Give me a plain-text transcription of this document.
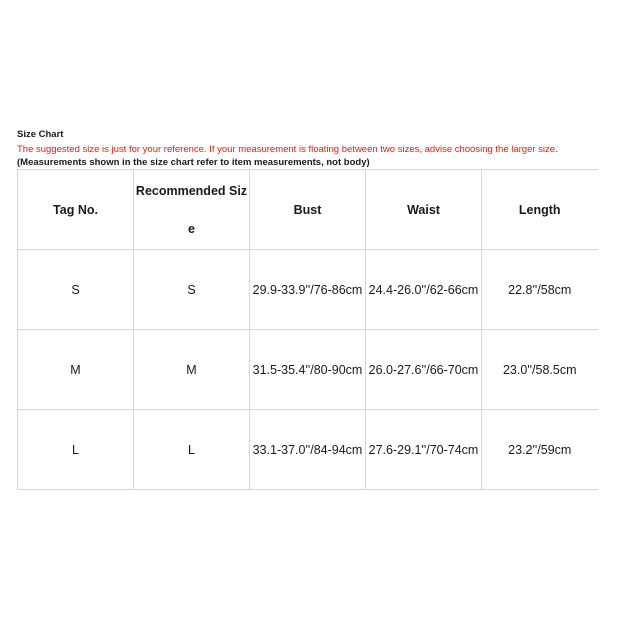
Size Chart

The suggested size is just for your reference. If your measurement is floating between two sizes, advise choosing the larger size.

(Measurements shown in the size chart refer to item measurements, not body)

Tag No.	Recommended Size	Bust	Waist	Length
S	S	29.9-33.9''/76-86cm	24.4-26.0''/62-66cm	22.8''/58cm
M	M	31.5-35.4''/80-90cm	26.0-27.6''/66-70cm	23.0''/58.5cm
L	L	33.1-37.0''/84-94cm	27.6-29.1''/70-74cm	23.2''/59cm
